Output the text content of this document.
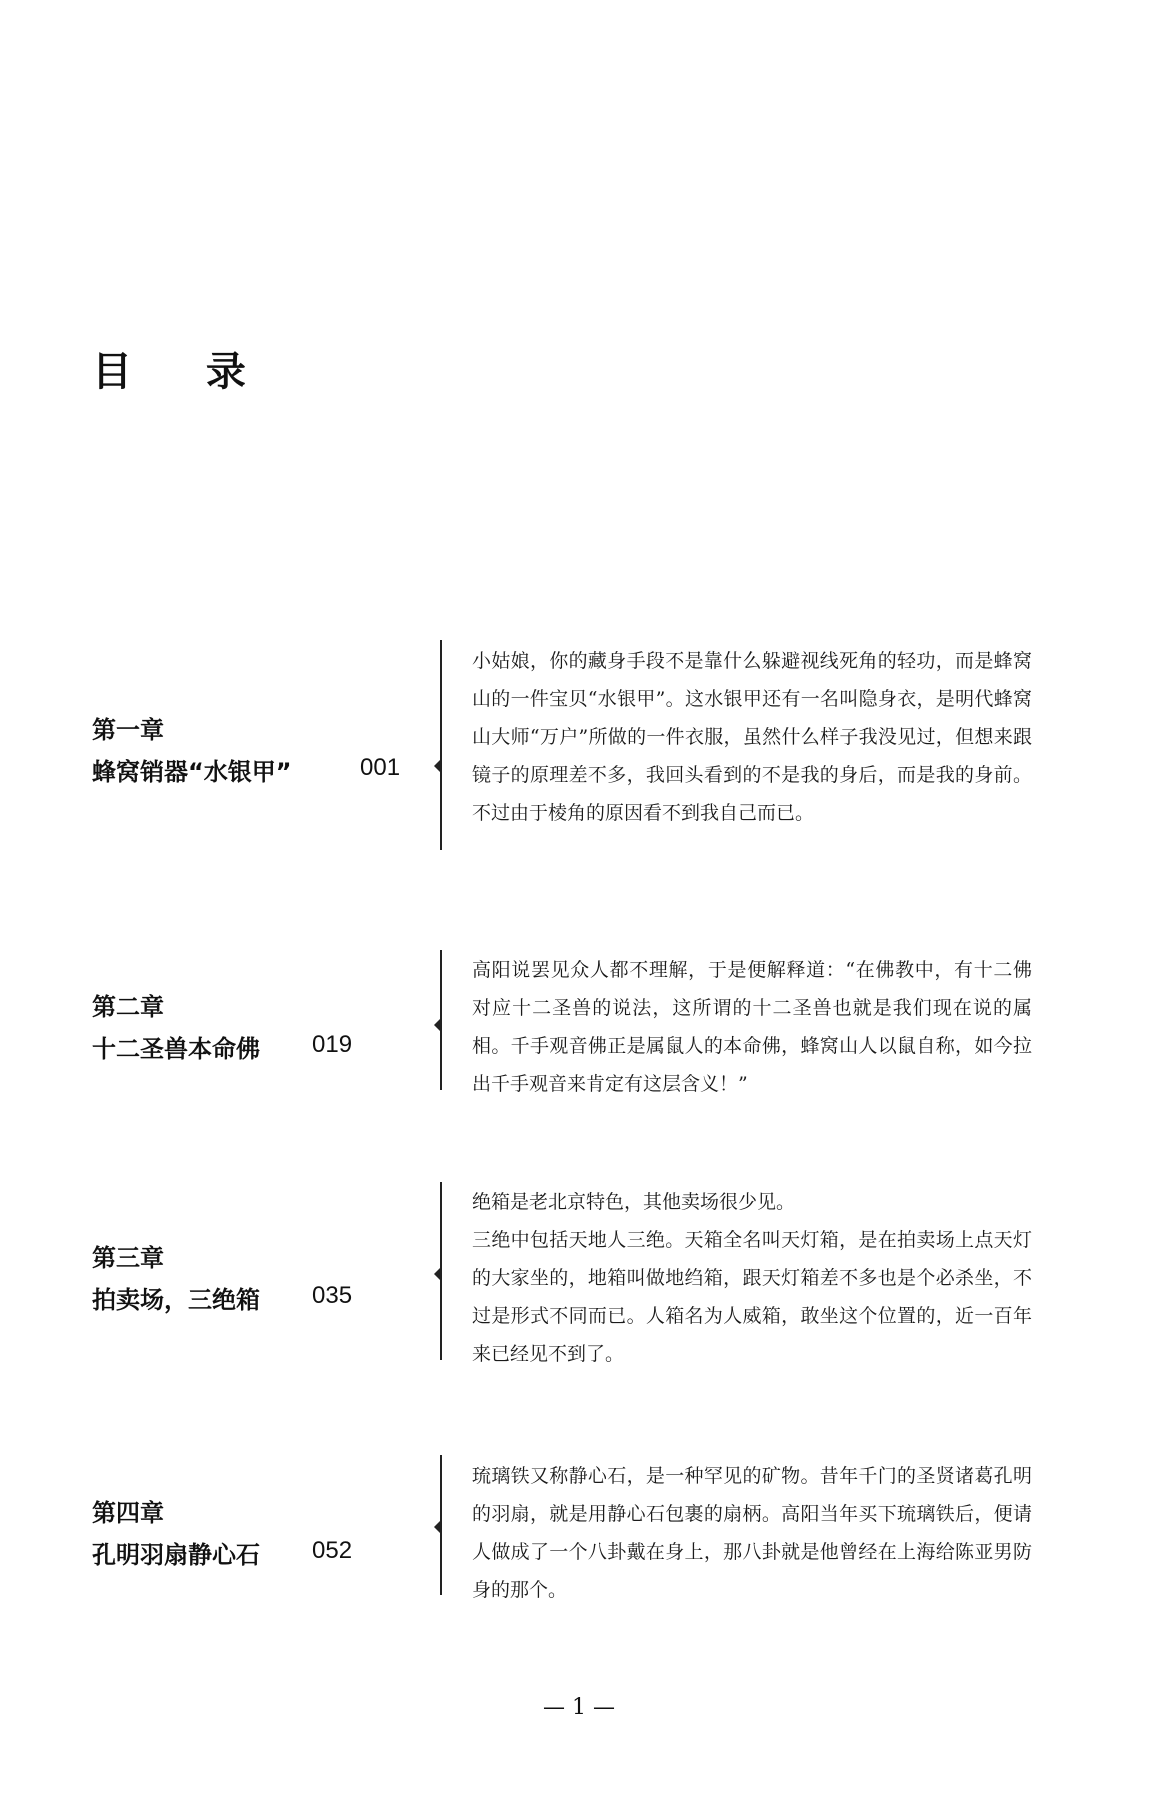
目 录
第一章
蜂窝销器“水银甲”	001

小姑娘，你的藏身手段不是靠什么躲避视线死角的轻功，而是蜂窝山的一件宝贝“水银甲”。这水银甲还有一名叫隐身衣，是明代蜂窝山大师“万户”所做的一件衣服，虽然什么样子我没见过，但想来跟镜子的原理差不多，我回头看到的不是我的身后，而是我的身前。不过由于棱角的原因看不到我自己而已。

第二章
十二圣兽本命佛 019

高阳说罢见众人都不理解，于是便解释道：“在佛教中，有十二佛对应十二圣兽的说法，这所谓的十二圣兽也就是我们现在说的属相。千手观音佛正是属鼠人的本命佛，蜂窝山人以鼠自称，如今拉出千手观音来肯定有这层含义！”

第三章
拍卖场，三绝箱 035

绝箱是老北京特色，其他卖场很少见。

三绝中包括天地人三绝。天箱全名叫天灯箱，是在拍卖场上点天灯的大家坐的，地箱叫做地绉箱，跟天灯箱差不多也是个必杀坐，不过是形式不同而已。人箱名为人威箱，敢坐这个位置的，近一百年来已经见不到了。

第四章
孔明羽扇静心石 052

琉璃铁又称静心石，是一种罕见的矿物。昔年千门的圣贤诸葛孔明的羽扇，就是用静心石包裹的扇柄。高阳当年买下琉璃铁后，便请人做成了一个八卦戴在身上，那八卦就是他曾经在上海给陈亚男防身的那个。

— 1 —
